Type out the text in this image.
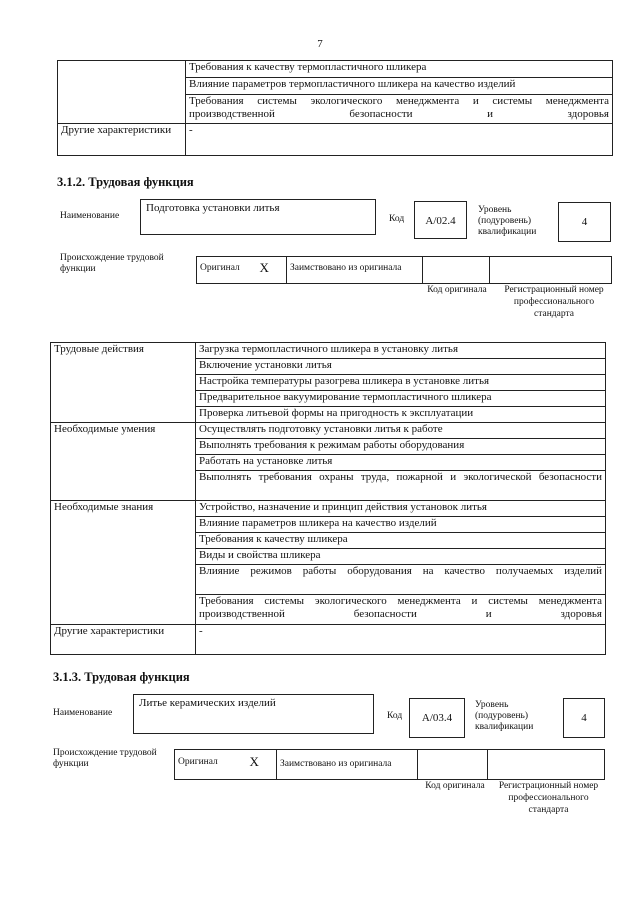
7
	Требования к качеству термопластичного шликера
	Влияние параметров термопластичного шликера на качество изделий
	Требования системы экологического менеджмента и системы менеджмента производственной безопасности и здоровья
Другие характеристики	-
3.1.2. Трудовая функция
Наименование
Подготовка установки литья
Код	A/02.4
Уровень (подуровень) квалификации
4
Происхождение трудовой функции	Оригинал	X	Заимствовано из оригинала		
Код оригинала	Регистрационный номер профессионального стандарта
Трудовые действия	Загрузка термопластичного шликера в установку литья
	Включение установки литья
	Настройка температуры разогрева шликера в установке литья
	Предварительное вакуумирование термопластичного шликера
	Проверка литьевой формы на пригодность к эксплуатации
Необходимые умения	Осуществлять подготовку установки литья к работе
	Выполнять требования к режимам работы оборудования
	Работать на установке литья
	Выполнять требования охраны труда, пожарной и экологической безопасности
Необходимые знания	Устройство, назначение и принцип действия установок литья
	Влияние параметров шликера на качество изделий
	Требования к качеству шликера
	Виды и свойства шликера
	Влияние режимов работы оборудования на качество получаемых изделий
	Требования системы экологического менеджмента и системы менеджмента производственной безопасности и здоровья
Другие характеристики	-
3.1.3. Трудовая функция
Наименование
Литье керамических изделий
Код	A/03.4
Уровень (подуровень) квалификации
4
Происхождение трудовой функции	Оригинал	X	Заимствовано из оригинала		
Код оригинала	Регистрационный номер профессионального стандарта
